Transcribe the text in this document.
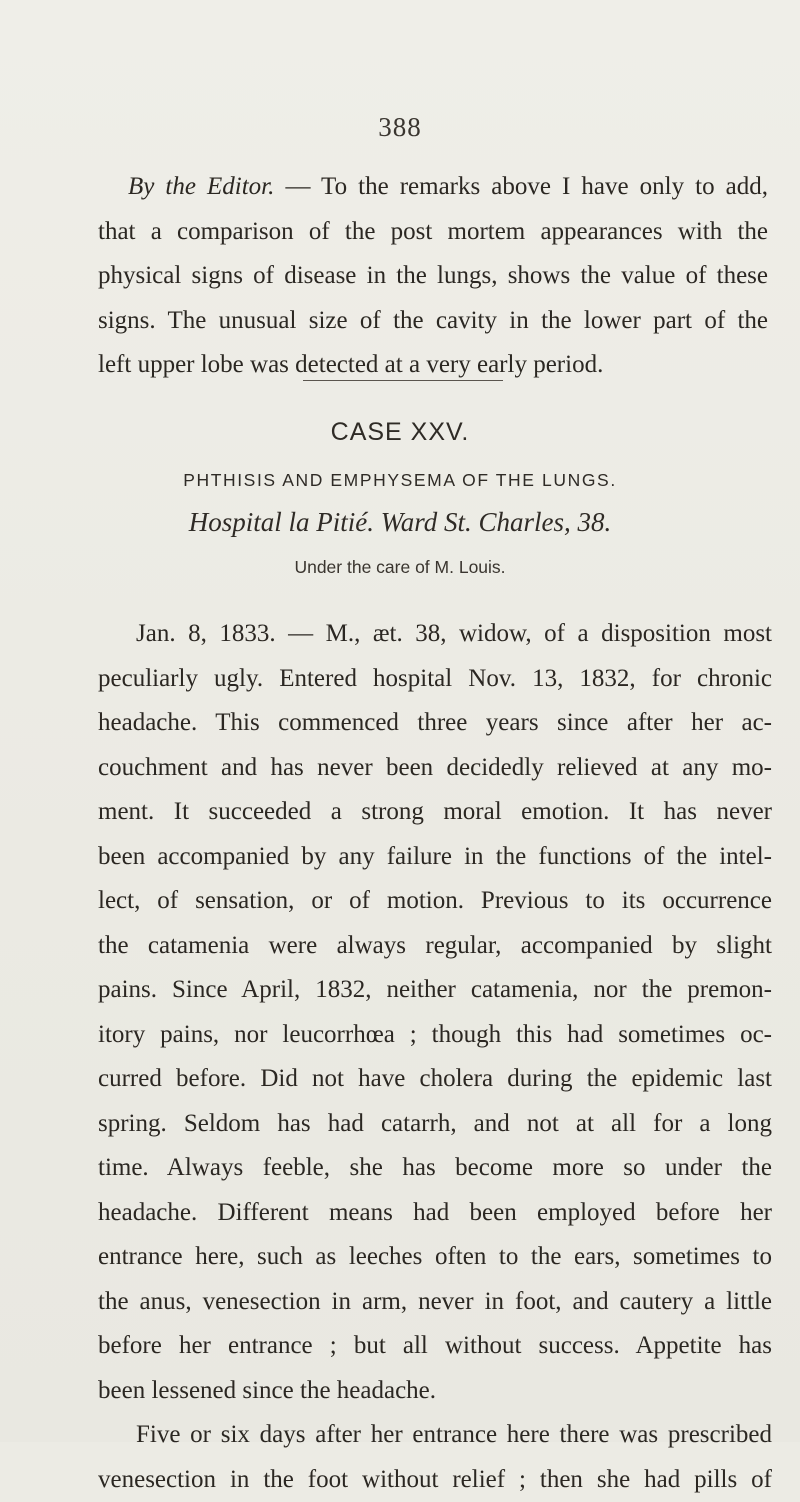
388
By the Editor. — To the remarks above I have only to add,
that a comparison of the post mortem appearances with the
physical signs of disease in the lungs, shows the value of these
signs. The unusual size of the cavity in the lower part of the
left upper lobe was detected at a very early period.
CASE XXV.
PHTHISIS AND EMPHYSEMA OF THE LUNGS.
Hospital la Pitié. Ward St. Charles, 38.
Under the care of M. Louis.
Jan. 8, 1833. — M., æt. 38, widow, of a disposition most
peculiarly ugly. Entered hospital Nov. 13, 1832, for chronic
headache. This commenced three years since after her ac-
couchment and has never been decidedly relieved at any mo-
ment. It succeeded a strong moral emotion. It has never
been accompanied by any failure in the functions of the intel-
lect, of sensation, or of motion. Previous to its occurrence
the catamenia were always regular, accompanied by slight
pains. Since April, 1832, neither catamenia, nor the premon-
itory pains, nor leucorrhœa ; though this had sometimes oc-
curred before. Did not have cholera during the epidemic last
spring. Seldom has had catarrh, and not at all for a long
time. Always feeble, she has become more so under the
headache. Different means had been employed before her
entrance here, such as leeches often to the ears, sometimes to
the anus, venesection in arm, never in foot, and cautery a little
before her entrance ; but all without success. Appetite has
been lessened since the headache.
Five or six days after her entrance here there was prescribed
venesection in the foot without relief ; then she had pills of
